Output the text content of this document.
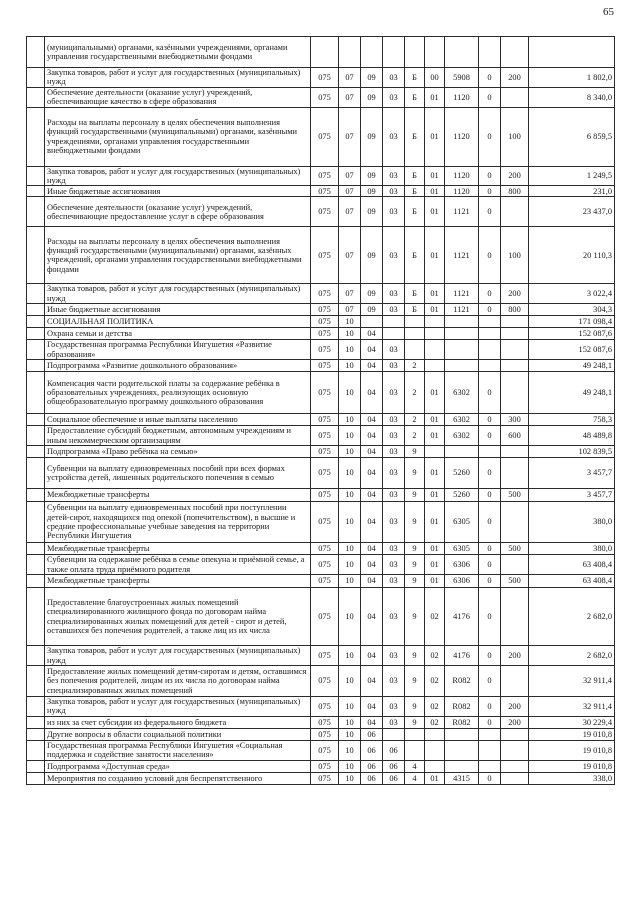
65
	(муниципальными) органами, казёнными учреждениями, органами управления государственными внебюджетными фондами										
	Закупка товаров, работ и услуг для государственных (муниципальных) нужд	075	07	09	03	Б	00	5908	0	200	1 802,0
	Обеспечение деятельности (оказание услуг) учреждений, обеспечивающие качество в сфере образования	075	07	09	03	Б	01	1120	0		8 340,0
	Расходы на выплаты персоналу в целях обеспечения выполнения функций государственными (муниципальными) органами, казёнными учреждениями, органами управления государственными внебюджетными фондами	075	07	09	03	Б	01	1120	0	100	6 859,5
	Закупка товаров, работ и услуг для государственных (муниципальных) нужд	075	07	09	03	Б	01	1120	0	200	1 249,5
	Иные бюджетные ассигнования	075	07	09	03	Б	01	1120	0	800	231,0
	Обеспечение деятельности (оказание услуг) учреждений, обеспечивающие предоставление услуг в сфере образования	075	07	09	03	Б	01	1121	0		23 437,0
	Расходы на выплаты персоналу в целях обеспечения выполнения функций государственными (муниципальными) органами, казённых учреждений, органами управления государственными внебюджетными фондами	075	07	09	03	Б	01	1121	0	100	20 110,3
	Закупка товаров, работ и услуг для государственных (муниципальных) нужд	075	07	09	03	Б	01	1121	0	200	3 022,4
	Иные бюджетные ассигнования	075	07	09	03	Б	01	1121	0	800	304,3
	СОЦИАЛЬНАЯ ПОЛИТИКА	075	10								171 098,4
	Охрана семьи и детства	075	10	04							152 087,6
	Государственная программа Республики Ингушетия «Развитие образования»	075	10	04	03						152 087,6
	Подпрограмма «Развитие дошкольного образования»	075	10	04	03	2					49 248,1
	Компенсация части родительской платы за содержание ребёнка в образовательных учреждениях, реализующих основную общеобразовательную программу дошкольного образования	075	10	04	03	2	01	6302	0		49 248,1
	Социальное обеспечение и иные выплаты населению	075	10	04	03	2	01	6302	0	300	758,3
	Предоставление субсидий бюджетным, автономным учреждениям и иным некоммерческим организациям	075	10	04	03	2	01	6302	0	600	48 489,8
	Подпрограмма «Право ребёнка на семью»	075	10	04	03	9					102 839,5
	Субвенции на выплату единовременных пособий при всех формах устройства детей, лишенных родительского попечения в семью	075	10	04	03	9	01	5260	0		3 457,7
	Межбюджетные трансферты	075	10	04	03	9	01	5260	0	500	3 457,7
	Субвенции на выплату единовременных пособий при поступлении детей-сирот, находящихся под опекой (попечительством), в высшие и средние профессиональные учебные заведения на территории Республики Ингушетия	075	10	04	03	9	01	6305	0		380,0
	Межбюджетные трансферты	075	10	04	03	9	01	6305	0	500	380,0
	Субвенции на содержание ребёнка в семье опекуна и приёмной семье, а также оплата труда приёмного родителя	075	10	04	03	9	01	6306	0		63 408,4
	Межбюджетные трансферты	075	10	04	03	9	01	6306	0	500	63 408,4
	Предоставление благоустроенных жилых помещений специализированного жилищного фонда по договорам найма специализированных жилых помещений для детей - сирот и детей, оставшихся без попечения родителей, а также лиц из их числа	075	10	04	03	9	02	4176	0		2 682,0
	Закупка товаров, работ и услуг для государственных (муниципальных) нужд	075	10	04	03	9	02	4176	0	200	2 682,0
	Предоставление жилых помещений детям-сиротам и детям, оставшимся без попечения родителей, лицам из их числа по договорам найма специализированных жилых помещений	075	10	04	03	9	02	R082	0		32 911,4
	Закупка товаров, работ и услуг для государственных (муниципальных) нужд	075	10	04	03	9	02	R082	0	200	32 911,4
	из них за счет субсидии из федерального бюджета	075	10	04	03	9	02	R082	0	200	30 229,4
	Другие вопросы в области социальной политики	075	10	06							19 010,8
	Государственная программа Республики Ингушетия «Социальная поддержка и содействие занятости населения»	075	10	06	06						19 010,8
	Подпрограмма «Доступная среда»	075	10	06	06	4					19 010,8
	Мероприятия по созданию условий для беспрепятственного	075	10	06	06	4	01	4315	0		338,0
